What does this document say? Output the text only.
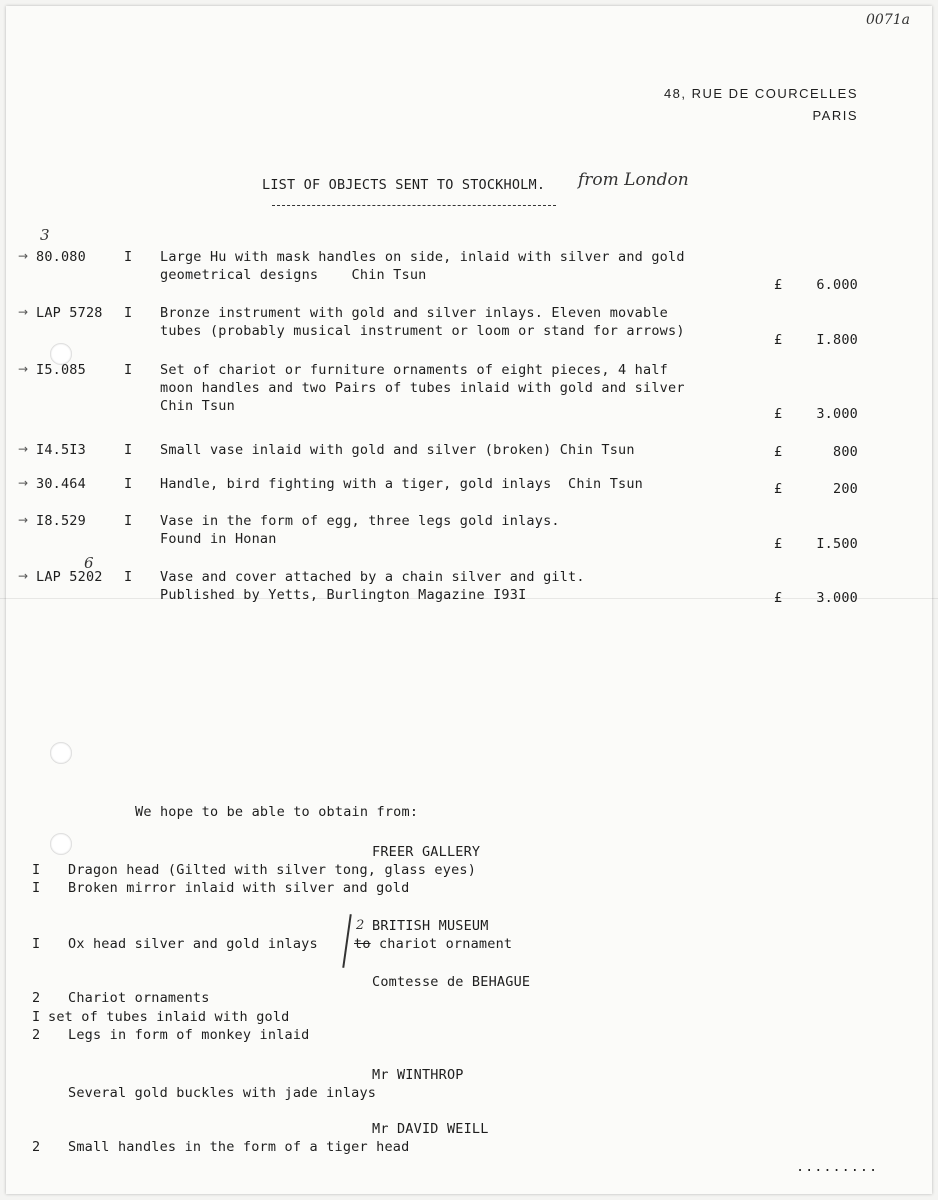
0071a
48, RUE DE COURCELLES
PARIS
LIST OF OBJECTS SENT TO STOCKHOLM. from London
→ 80.080	I Large Hu with mask handles on side, inlaid with silver and gold
geometrical designs    Chin Tsun
£	6.000
3
→ LAP 5728 I Bronze instrument with gold and silver inlays. Eleven movable
tubes (probably musical instrument or loom or stand for arrows)
£	I.800
→ I5.085	I Set of chariot or furniture ornaments of eight pieces, 4 half
moon handles and two Pairs of tubes inlaid with gold and silver
Chin Tsun	£	3.000
→ I4.5I3	I Small vase inlaid with gold and silver (broken) Chin Tsun	£	800
→ 30.464	I Handle, bird fighting with a tiger, gold inlays  Chin Tsun	£	200
→ I8.529	I Vase in the form of egg, three legs gold inlays.
Found in Honan	£	I.500
→ LAP 5202 I Vase and cover attached by a chain silver and gilt.
Published by Yetts, Burlington Magazine I93I	£	3.000
6
We hope to be able to obtain from:
FREER GALLERY
I Dragon head (Gilted with silver tong, glass eyes)
I Broken mirror inlaid with silver and gold
BRITISH MUSEUM
I Ox head silver and gold inlays
2
to chariot ornament
Comtesse de BEHAGUE
2 Chariot ornaments
I set of tubes inlaid with gold
2 Legs in form of monkey inlaid
Mr WINTHROP
Several gold buckles with jade inlays
Mr DAVID WEILL
2 Small handles in the form of a tiger head
.........
